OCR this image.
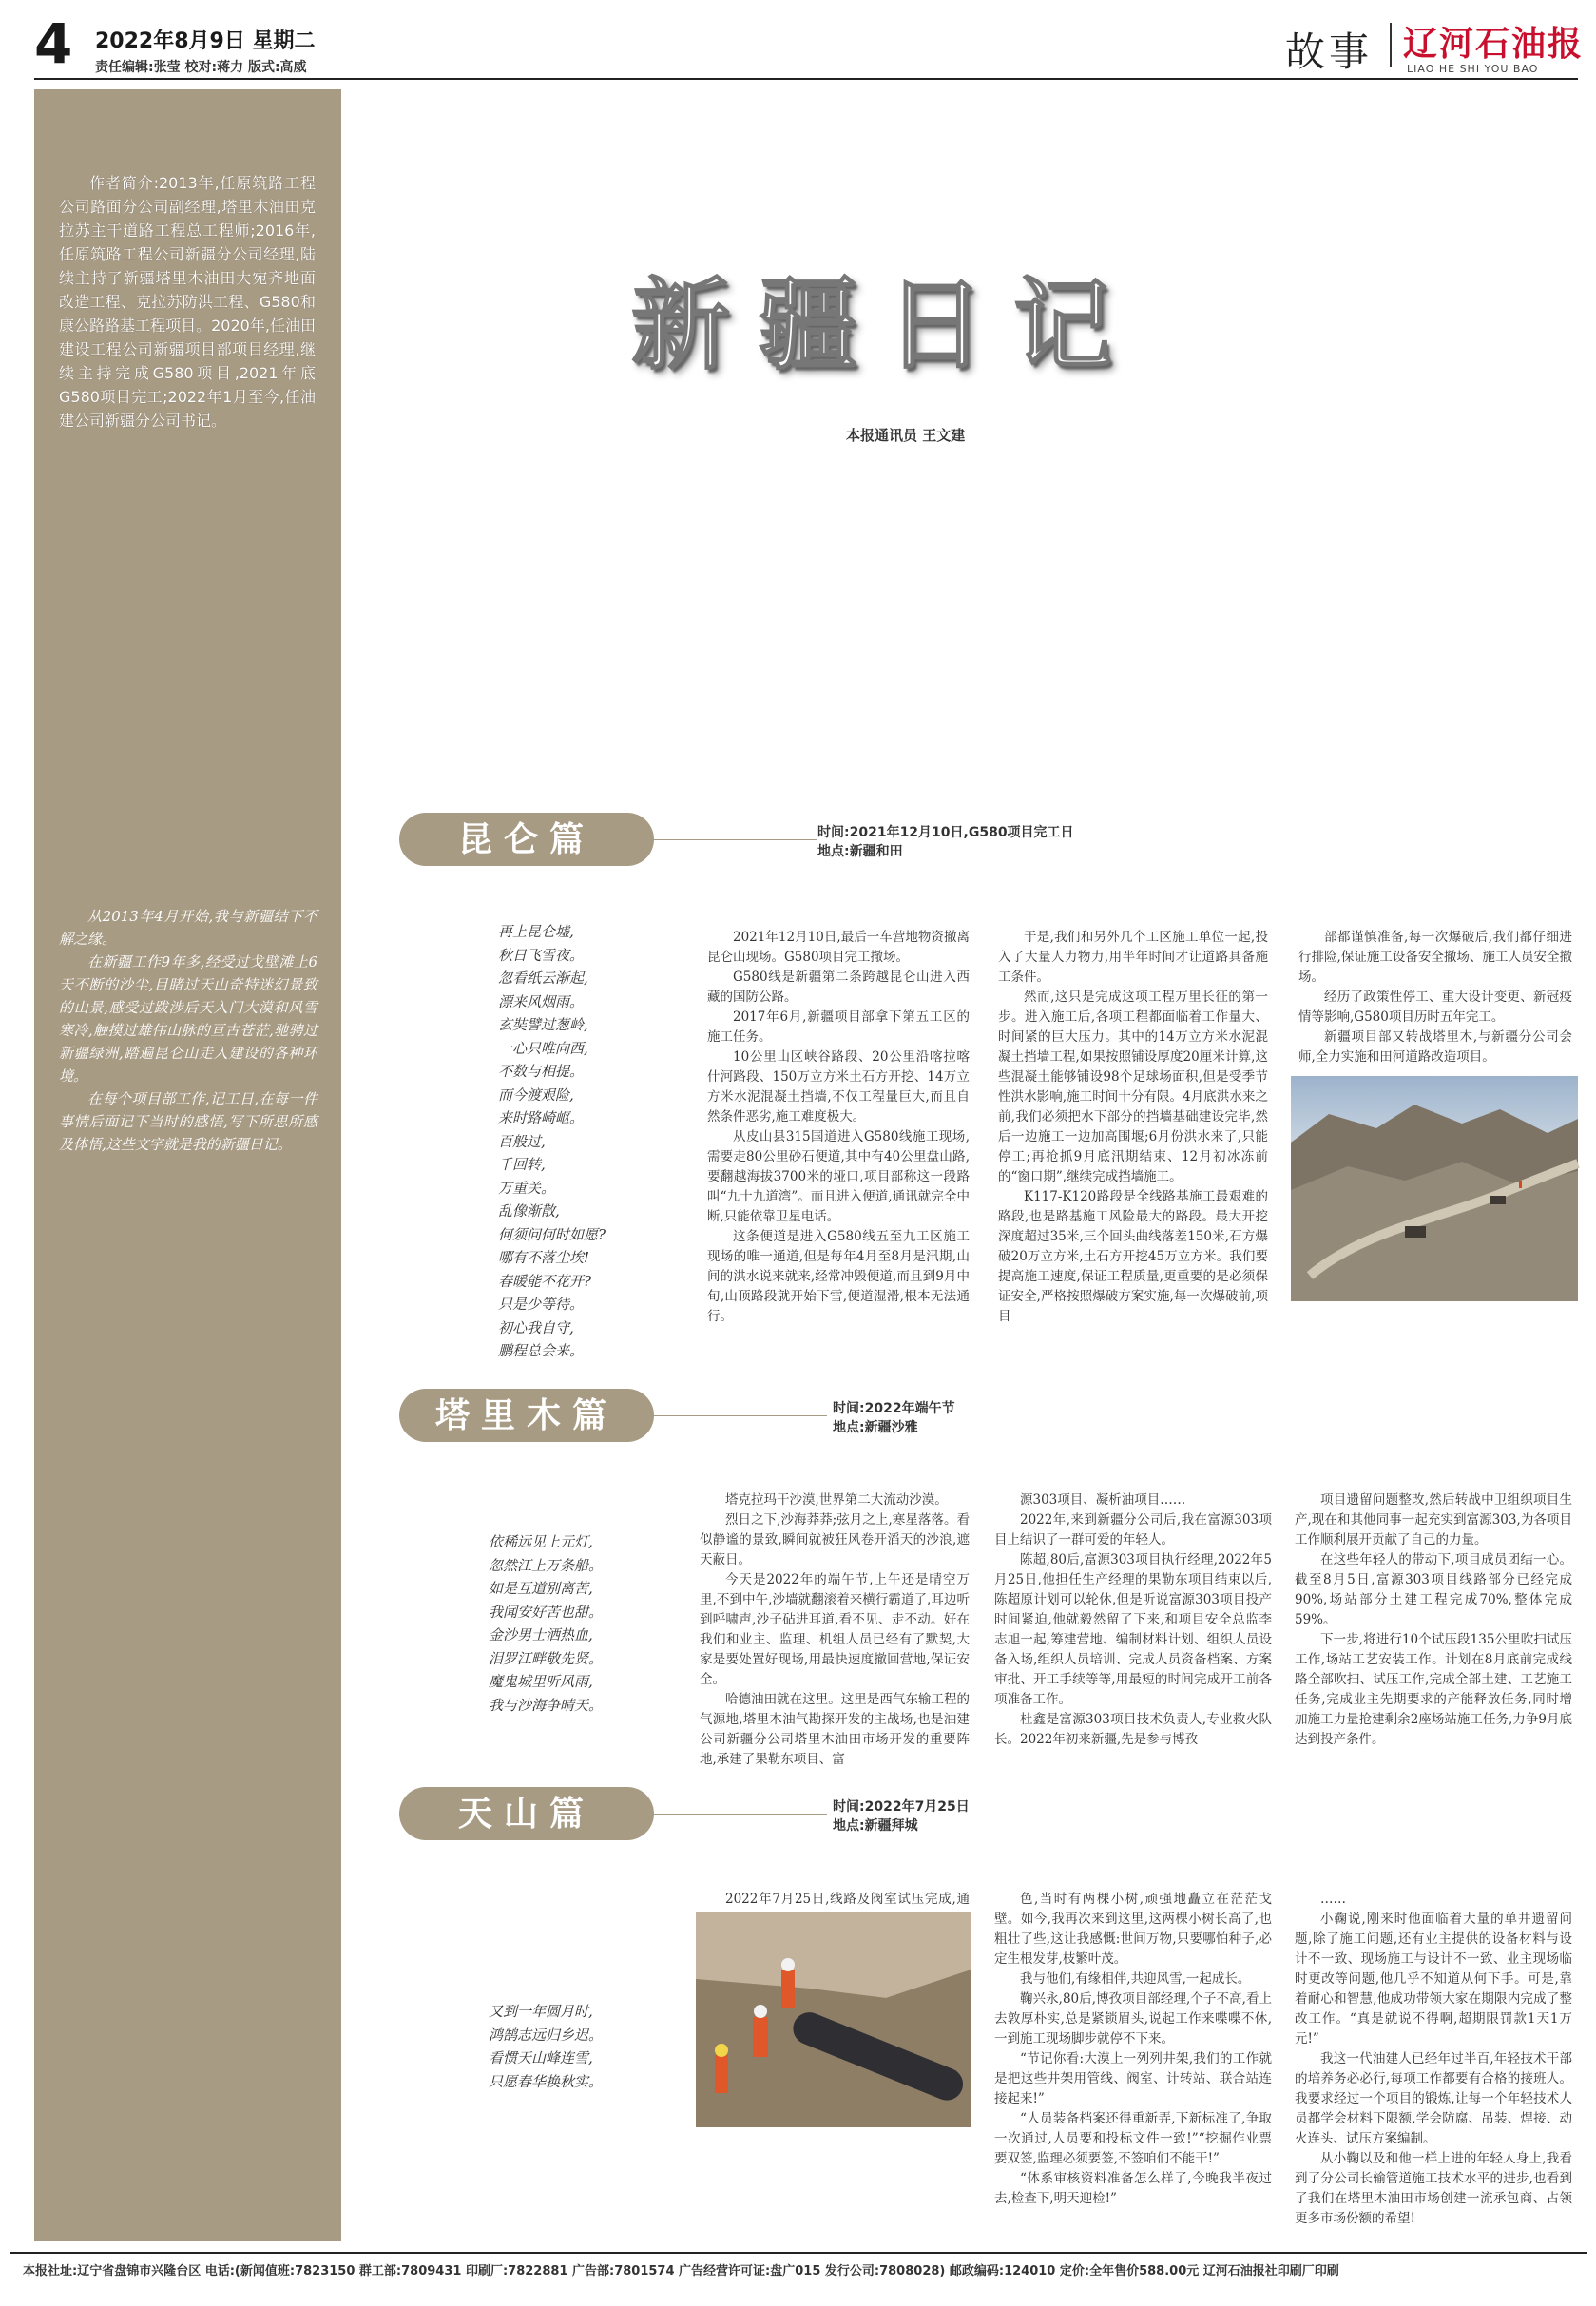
4 2022年8月9日 星期二
责任编辑:张莹 校对:蒋力 版式:高威	故事 辽河石油报
LIAO HE SHI YOU BAO
作者简介:2013年,任原筑路工程公司路面分公司副经理,塔里木油田克拉苏主干道路工程总工程师;2016年,任原筑路工程公司新疆分公司经理,陆续主持了新疆塔里木油田大宛齐地面改造工程、克拉苏防洪工程、G580和康公路路基工程项目。2020年,任油田建设工程公司新疆项目部项目经理,继续主持完成G580项目,2021年底G580项目完工;2022年1月至今,任油建公司新疆分公司书记。

从2013年4月开始,我与新疆结下不解之缘。

在新疆工作9年多,经受过戈壁滩上6天不断的沙尘,目睹过天山奇特迷幻景致的山景,感受过跋涉后天入门大漠和风雪寒冷,触摸过雄伟山脉的亘古苍茫,驰骋过新疆绿洲,踏遍昆仑山走入建设的各种环境。

在每个项目部工作,记工日,在每一件事情后面记下当时的感悟,写下所思所感及体悟,这些文字就是我的新疆日记。

新疆日记
本报通讯员 王文建
昆仑篇	时间:2021年12月10日,G580项目完工日
地点:新疆和田
再上昆仑墟,
秋日飞雪夜。
忽看纸云渐起,
漂来风烟雨。
玄奘譬过葱岭,
一心只唯向西,
不数与相提。
而今渡艰险,
来时路崎岖。
百般过,
千回转,
万重关。
乱像渐散,
何须问何时如愿?
哪有不落尘埃!
春暖能不花开?
只是少等待。
初心我自守,
鹏程总会来。

2021年12月10日,最后一车营地物资撤离昆仑山现场。G580项目完工撤场。

G580线是新疆第二条跨越昆仑山进入西藏的国防公路。

2017年6月,新疆项目部拿下第五工区的施工任务。

10公里山区峡谷路段、20公里沿喀拉喀什河路段、150万立方米土石方开挖、14万立方米水泥混凝土挡墙,不仅工程量巨大,而且自然条件恶劣,施工难度极大。

从皮山县315国道进入G580线施工现场,需要走80公里砂石便道,其中有40公里盘山路,要翻越海拔3700米的垭口,项目部称这一段路叫“九十九道湾”。而且进入便道,通讯就完全中断,只能依靠卫星电话。

这条便道是进入G580线五至九工区施工现场的唯一通道,但是每年4月至8月是汛期,山间的洪水说来就来,经常冲毁便道,而且到9月中旬,山顶路段就开始下雪,便道湿滑,根本无法通行。

于是,我们和另外几个工区施工单位一起,投入了大量人力物力,用半年时间才让道路具备施工条件。

然而,这只是完成这项工程万里长征的第一步。进入施工后,各项工程都面临着工作量大、时间紧的巨大压力。其中的14万立方米水泥混凝土挡墙工程,如果按照铺设厚度20厘米计算,这些混凝土能够铺设98个足球场面积,但是受季节性洪水影响,施工时间十分有限。4月底洪水来之前,我们必须把水下部分的挡墙基础建设完毕,然后一边施工一边加高围堰;6月份洪水来了,只能停工;再抢抓9月底汛期结束、12月初冰冻前的“窗口期”,继续完成挡墙施工。

K117-K120路段是全线路基施工最艰难的路段,也是路基施工风险最大的路段。最大开挖深度超过35米,三个回头曲线落差150米,石方爆破20万立方米,土石方开挖45万立方米。我们要提高施工速度,保证工程质量,更重要的是必须保证安全,严格按照爆破方案实施,每一次爆破前,项目

部都谨慎准备,每一次爆破后,我们都仔细进行排险,保证施工设备安全撤场、施工人员安全撤场。

经历了政策性停工、重大设计变更、新冠疫情等影响,G580项目历时五年完工。

新疆项目部又转战塔里木,与新疆分公司会师,全力实施和田河道路改造项目。

塔里木篇	时间:2022年端午节
地点:新疆沙雅
依稀远见上元灯,
忽然江上万条船。
如是互道别离苦,
我闻安好苦也甜。
金沙男士洒热血,
泪罗江畔敬先贤。
魔鬼城里听风雨,
我与沙海争晴天。

塔克拉玛干沙漠,世界第二大流动沙漠。

烈日之下,沙海莽莽;弦月之上,寒星落落。看似静谧的景致,瞬间就被狂风卷开滔天的沙浪,遮天蔽日。

今天是2022年的端午节,上午还是晴空万里,不到中午,沙墙就翻滚着来横行霸道了,耳边听到呼啸声,沙子砧进耳道,看不见、走不动。好在我们和业主、监理、机组人员已经有了默契,大家是要处置好现场,用最快速度撤回营地,保证安全。

哈德油田就在这里。这里是西气东输工程的气源地,塔里木油气勘探开发的主战场,也是油建公司新疆分公司塔里木油田市场开发的重要阵地,承建了果勒东项目、富

源303项目、凝析油项目……

2022年,来到新疆分公司后,我在富源303项目上结识了一群可爱的年轻人。

陈超,80后,富源303项目执行经理,2022年5月25日,他担任生产经理的果勒东项目结束以后,陈超原计划可以轮休,但是听说富源303项目投产时间紧迫,他就毅然留了下来,和项目安全总监李志旭一起,筹建营地、编制材料计划、组织人员设备入场,组织人员培训、完成人员资备档案、方案审批、开工手续等等,用最短的时间完成开工前各项准备工作。

杜鑫是富源303项目技术负责人,专业救火队长。2022年初来新疆,先是参与博孜

项目遗留问题整改,然后转战中卫组织项目生产,现在和其他同事一起充实到富源303,为各项目工作顺利展开贡献了自己的力量。

在这些年轻人的带动下,项目成员团结一心。截至8月5日,富源303项目线路部分已经完成90%,场站部分土建工程完成70%,整体完成59%。

下一步,将进行10个试压段135公里吹扫试压工作,场站工艺安装工作。计划在8月底前完成线路全部吹扫、试压工作,完成全部土建、工艺施工任务,完成业主先期要求的产能释放任务,同时增加施工力量抢建剩余2座场站施工任务,力争9月底达到投产条件。

天山篇	时间:2022年7月25日
地点:新疆拜城
又到一年圆月时,
鸿鹄志远归乡迟。
看惯天山峰连雪,
只愿春华换秋实。

2022年7月25日,线路及阀室试压完成,通	色,当时有两棵小树,顽强地矗立在茫茫戈壁。如今,我再次来到这里,这两棵小树长高了,也粗壮了些,这让我感慨:世间万物,只要哪怕种子,必定生根发芽,枝繁叶茂。

我与他们,有缘相伴,共迎风雪,一起成长。

鞠兴永,80后,博孜项目部经理,个子不高,看上去敦厚朴实,总是紧锁眉头,说起工作来喋喋不休,一到施工现场脚步就停不下来。

“节记你看:大漠上一列列井架,我们的工作就是把这些井架用管线、阀室、计转站、联合站连接起来!”

“人员装备档案还得重新弄,下新标准了,争取一次通过,人员要和投标文件一致!”“挖掘作业票要双签,监理必须要签,不签咱们不能干!”

“体系审核资料准备怎么样了,今晚我半夜过去,检查下,明天迎检!”

……

小鞠说,刚来时他面临着大量的单井遗留问题,除了施工问题,还有业主提供的设备材料与设计不一致、现场施工与设计不一致、业主现场临时更改等问题,他几乎不知道从何下手。可是,靠着耐心和智慧,他成功带领大家在期限内完成了整改工作。“真是就说不得啊,超期限罚款1天1万元!”

我这一代油建人已经年过半百,年轻技术干部的培养务必必行,每项工作都要有合格的接班人。我要求经过一个项目的锻炼,让每一个年轻技术人员都学会材料下限额,学会防腐、吊装、焊接、动火连头、试压方案编制。

从小鞠以及和他一样上进的年轻人身上,我看到了分公司长输管道施工技术水平的进步,也看到了我们在塔里木油田市场创建一流承包商、占领更多市场份额的希望!

本报社址:辽宁省盘锦市兴隆台区 电话:(新闻值班:7823150 群工部:7809431 印刷厂:7822881 广告部:7801574 广告经营许可证:盘广015 发行公司:7808028) 邮政编码:124010 定价:全年售价588.00元 辽河石油报社印刷厂印刷
